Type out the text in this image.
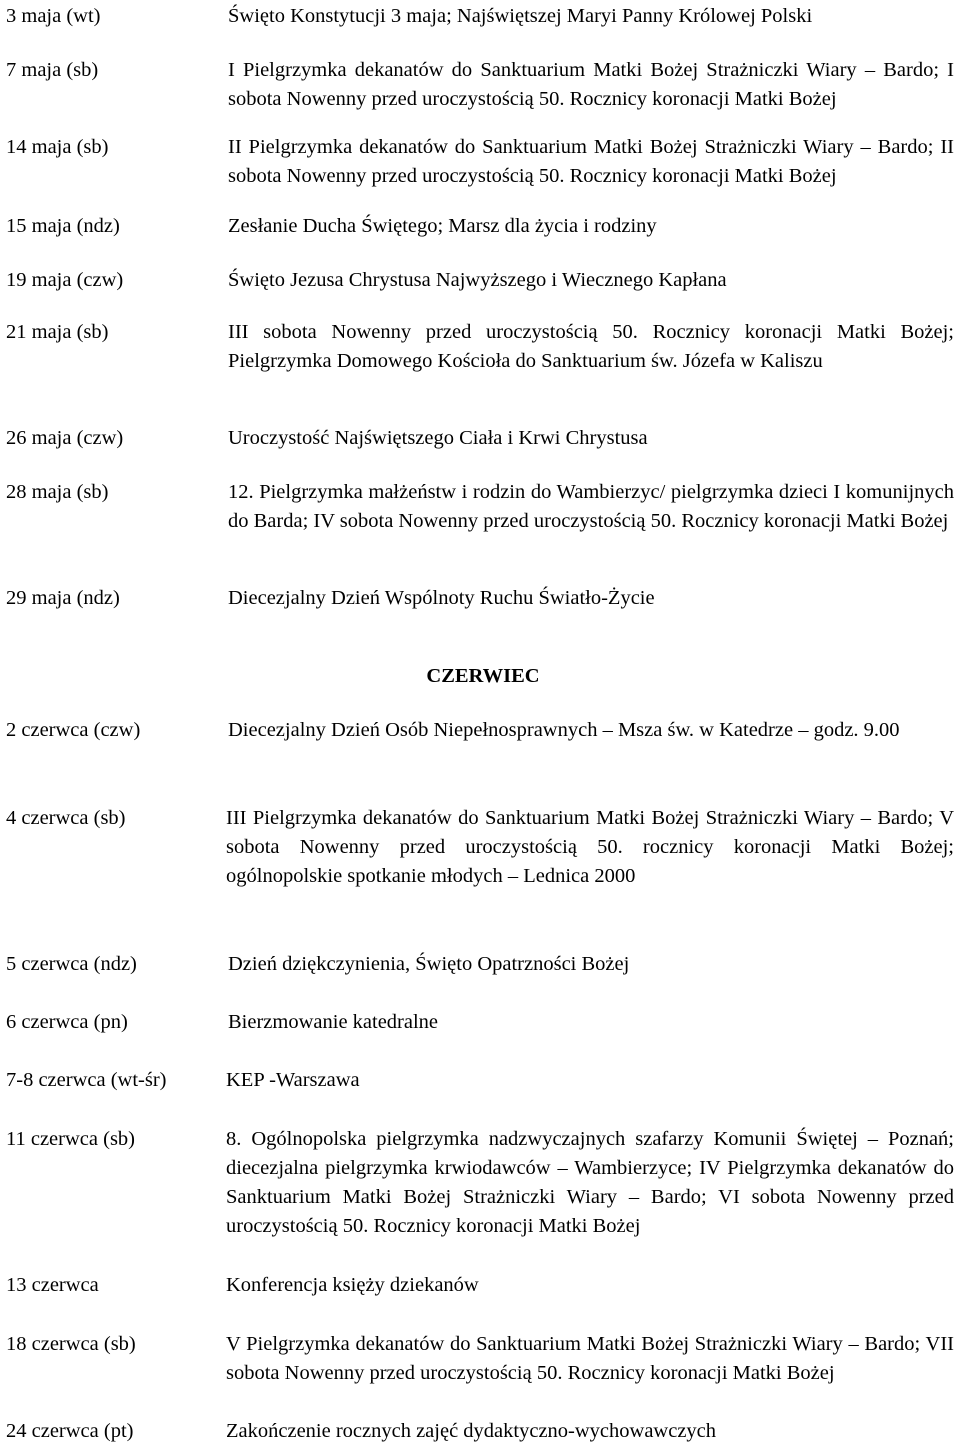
3 maja (wt)	Święto Konstytucji 3 maja; Najświętszej Maryi Panny Królowej Polski
7 maja (sb)	I Pielgrzymka dekanatów do Sanktuarium Matki Bożej Strażniczki Wiary – Bardo; I sobota Nowenny przed uroczystością 50. Rocznicy koronacji Matki Bożej
14 maja (sb)	II Pielgrzymka dekanatów do Sanktuarium Matki Bożej Strażniczki Wiary – Bardo; II sobota Nowenny przed uroczystością 50. Rocznicy koronacji Matki Bożej
15 maja (ndz)	Zesłanie Ducha Świętego; Marsz dla życia i rodziny
19 maja (czw)	Święto Jezusa Chrystusa Najwyższego i Wiecznego Kapłana
21 maja (sb)	III sobota Nowenny przed uroczystością 50. Rocznicy koronacji Matki Bożej; Pielgrzymka Domowego Kościoła do Sanktuarium św. Józefa w Kaliszu
26 maja (czw)	Uroczystość Najświętszego Ciała i Krwi Chrystusa
28 maja (sb)	12. Pielgrzymka małżeństw i rodzin do Wambierzyc/ pielgrzymka dzieci I komunijnych do Barda; IV sobota Nowenny przed uroczystością 50. Rocznicy koronacji Matki Bożej
29 maja (ndz)	Diecezjalny Dzień Wspólnoty Ruchu Światło-Życie
CZERWIEC
2 czerwca (czw)	Diecezjalny Dzień Osób Niepełnosprawnych – Msza św. w Katedrze – godz. 9.00
4 czerwca (sb)	III Pielgrzymka dekanatów do Sanktuarium Matki Bożej Strażniczki Wiary – Bardo; V sobota Nowenny przed uroczystością 50. rocznicy koronacji Matki Bożej; ogólnopolskie spotkanie młodych – Lednica 2000
5 czerwca (ndz)	Dzień dziękczynienia, Święto Opatrzności Bożej
6 czerwca (pn)	Bierzmowanie katedralne
7-8 czerwca (wt-śr)	KEP -Warszawa
11 czerwca (sb)	8. Ogólnopolska pielgrzymka nadzwyczajnych szafarzy Komunii Świętej – Poznań; diecezjalna pielgrzymka krwiodawców – Wambierzyce; IV Pielgrzymka dekanatów do Sanktuarium Matki Bożej Strażniczki Wiary – Bardo; VI sobota Nowenny przed uroczystością 50. Rocznicy koronacji Matki Bożej
13 czerwca	Konferencja księży dziekanów
18 czerwca (sb)	V Pielgrzymka dekanatów do Sanktuarium Matki Bożej Strażniczki Wiary – Bardo; VII sobota Nowenny przed uroczystością 50. Rocznicy koronacji Matki Bożej
24 czerwca (pt)	Zakończenie rocznych zajęć dydaktyczno-wychowawczych
